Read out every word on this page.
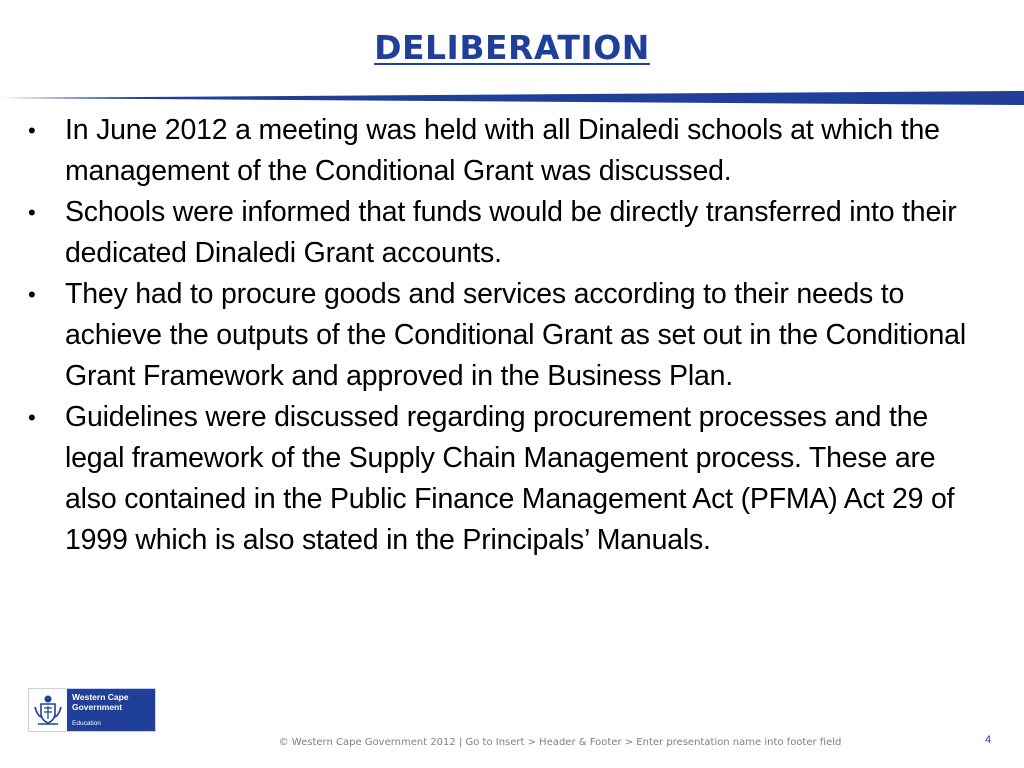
DELIBERATION
• In June 2012 a meeting was held with all Dinaledi schools at which the management of the Conditional Grant was discussed.
• Schools were informed that funds would be directly transferred into their dedicated Dinaledi Grant accounts.
• They had to procure goods and services according to their needs to achieve the outputs of the Conditional Grant as set out in the Conditional Grant Framework and approved in the Business Plan.
• Guidelines were discussed regarding procurement processes and the legal framework of the Supply Chain Management process. These are also contained in the Public Finance Management Act (PFMA) Act 29 of 1999 which is also stated in the Principals’ Manuals.
Western Cape
Government
Education
© Western Cape Government 2012 | Go to Insert > Header & Footer > Enter presentation name into footer field	4
